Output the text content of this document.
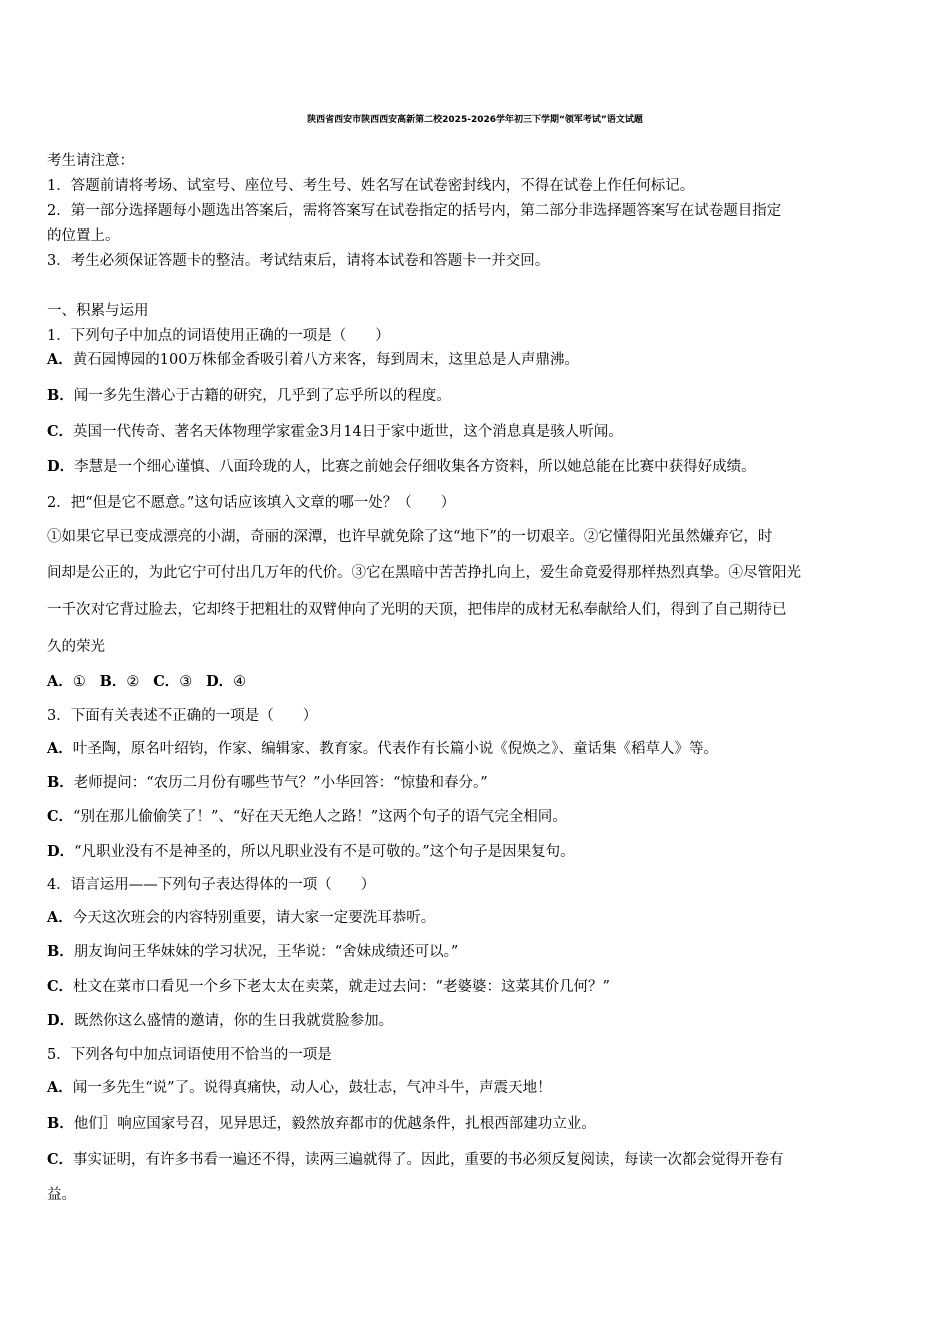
陕西省西安市陕西西安高新第二校2025-2026学年初三下学期“领军考试”语文试题
考生请注意：
1．答题前请将考场、试室号、座位号、考生号、姓名写在试卷密封线内，不得在试卷上作任何标记。
2．第一部分选择题每小题选出答案后，需将答案写在试卷指定的括号内，第二部分非选择题答案写在试卷题目指定
的位置上。
3．考生必须保证答题卡的整洁。考试结束后，请将本试卷和答题卡一并交回。
一、积累与运用
1．下列句子中加点的词语使用正确的一项是（　　）
A．黄石园博园的100万株郁金香吸引着八方来客，每到周末，这里总是人声鼎沸。
B．闻一多先生潜心于古籍的研究，几乎到了忘乎所以的程度。
C．英国一代传奇、著名天体物理学家霍金3月14日于家中逝世，这个消息真是骇人听闻。
D．李慧是一个细心谨慎、八面玲珑的人，比赛之前她会仔细收集各方资料，所以她总能在比赛中获得好成绩。
2．把“但是它不愿意。”这句话应该填入文章的哪一处？（　　）
①如果它早已变成漂亮的小湖，奇丽的深潭，也许早就免除了这“地下”的一切艰辛。②它懂得阳光虽然嫌弃它，时
间却是公正的，为此它宁可付出几万年的代价。③它在黑暗中苦苦挣扎向上，爱生命竟爱得那样热烈真挚。④尽管阳光
一千次对它背过脸去，它却终于把粗壮的双臂伸向了光明的天顶，把伟岸的成材无私奉献给人们，得到了自己期待已
久的荣光
A．① B．② C．③ D．④
3．下面有关表述不正确的一项是（　　）
A．叶圣陶，原名叶绍钧，作家、编辑家、教育家。代表作有长篇小说《倪焕之》、童话集《稻草人》等。
B．老师提问：“农历二月份有哪些节气？”小华回答：“惊蛰和春分。”
C．“别在那儿偷偷笑了！”、“好在天无绝人之路！”这两个句子的语气完全相同。
D．“凡职业没有不是神圣的，所以凡职业没有不是可敬的。”这个句子是因果复句。
4．语言运用——下列句子表达得体的一项（　　）
A．今天这次班会的内容特别重要，请大家一定要洗耳恭听。
B．朋友询问王华妹妹的学习状况，王华说：“舍妹成绩还可以。”
C．杜文在菜市口看见一个乡下老太太在卖菜，就走过去问：“老婆婆：这菜其价几何？”
D．既然你这么盛情的邀请，你的生日我就赏脸参加。
5．下列各句中加点词语使用不恰当的一项是
A．闻一多先生“说”了。说得真痛快，动人心，鼓壮志，气冲斗牛，声震天地！
B．他们］响应国家号召，见异思迁，毅然放弃都市的优越条件，扎根西部建功立业。
C．事实证明，有许多书看一遍还不得，读两三遍就得了。因此，重要的书必须反复阅读，每读一次都会觉得开卷有
益。
